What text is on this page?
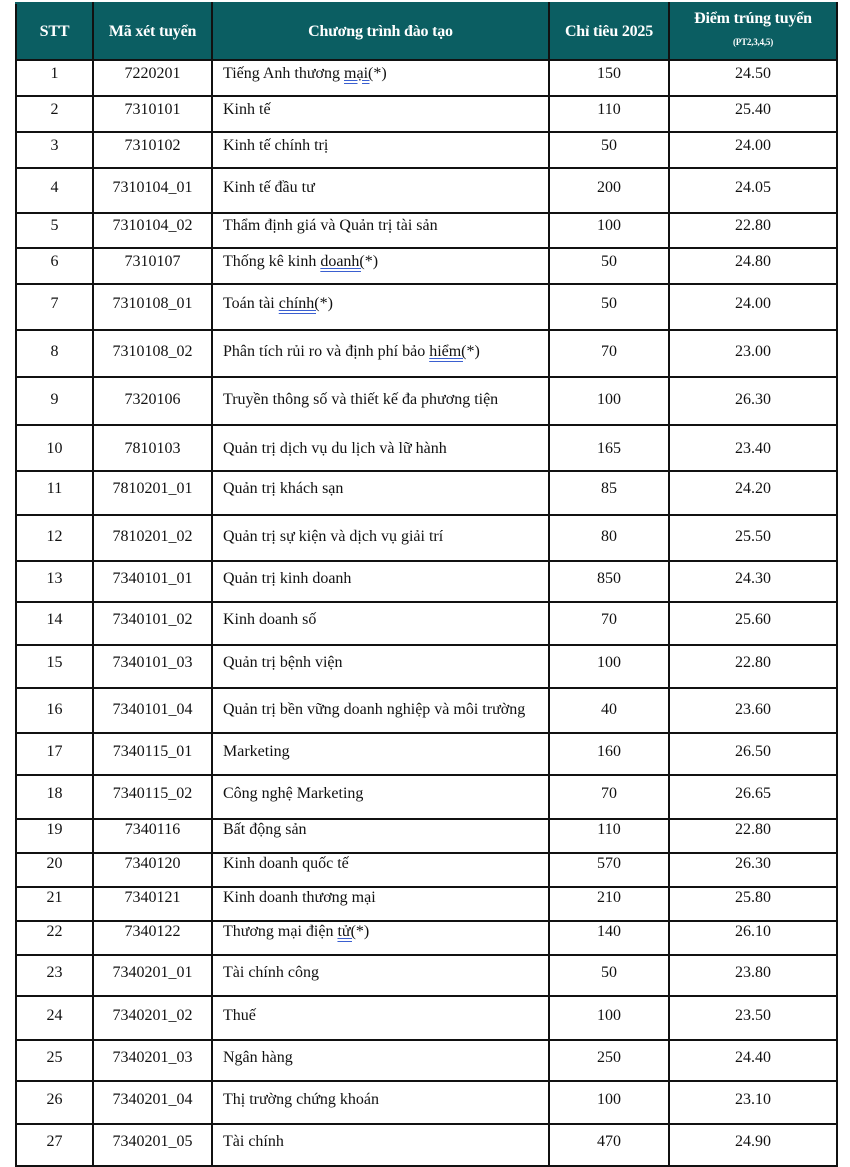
STT	Mã xét tuyển	Chương trình đào tạo	Chỉ tiêu 2025	Điểm trúng tuyển
(PT2,3,4,5)

1	7220201	Tiếng Anh thương mại(*)	150	24.50
2	7310101	Kinh tế	110	25.40
3	7310102	Kinh tế chính trị	50	24.00
4	7310104_01	Kinh tế đầu tư	200	24.05
5	7310104_02	Thẩm định giá và Quản trị tài sản	100	22.80
6	7310107	Thống kê kinh doanh(*)	50	24.80
7	7310108_01	Toán tài chính(*)	50	24.00
8	7310108_02	Phân tích rủi ro và định phí bảo hiểm(*)	70	23.00
9	7320106	Truyền thông số và thiết kế đa phương tiện	100	26.30
10	7810103	Quản trị dịch vụ du lịch và lữ hành	165	23.40
11	7810201_01	Quản trị khách sạn	85	24.20
12	7810201_02	Quản trị sự kiện và dịch vụ giải trí	80	25.50
13	7340101_01	Quản trị kinh doanh	850	24.30
14	7340101_02	Kinh doanh số	70	25.60
15	7340101_03	Quản trị bệnh viện	100	22.80
16	7340101_04	Quản trị bền vững doanh nghiệp và môi trường	40	23.60
17	7340115_01	Marketing	160	26.50
18	7340115_02	Công nghệ Marketing	70	26.65
19	7340116	Bất động sản	110	22.80
20	7340120	Kinh doanh quốc tế	570	26.30
21	7340121	Kinh doanh thương mại	210	25.80
22	7340122	Thương mại điện tử(*)	140	26.10
23	7340201_01	Tài chính công	50	23.80
24	7340201_02	Thuế	100	23.50
25	7340201_03	Ngân hàng	250	24.40
26	7340201_04	Thị trường chứng khoán	100	23.10
27	7340201_05	Tài chính	470	24.90
